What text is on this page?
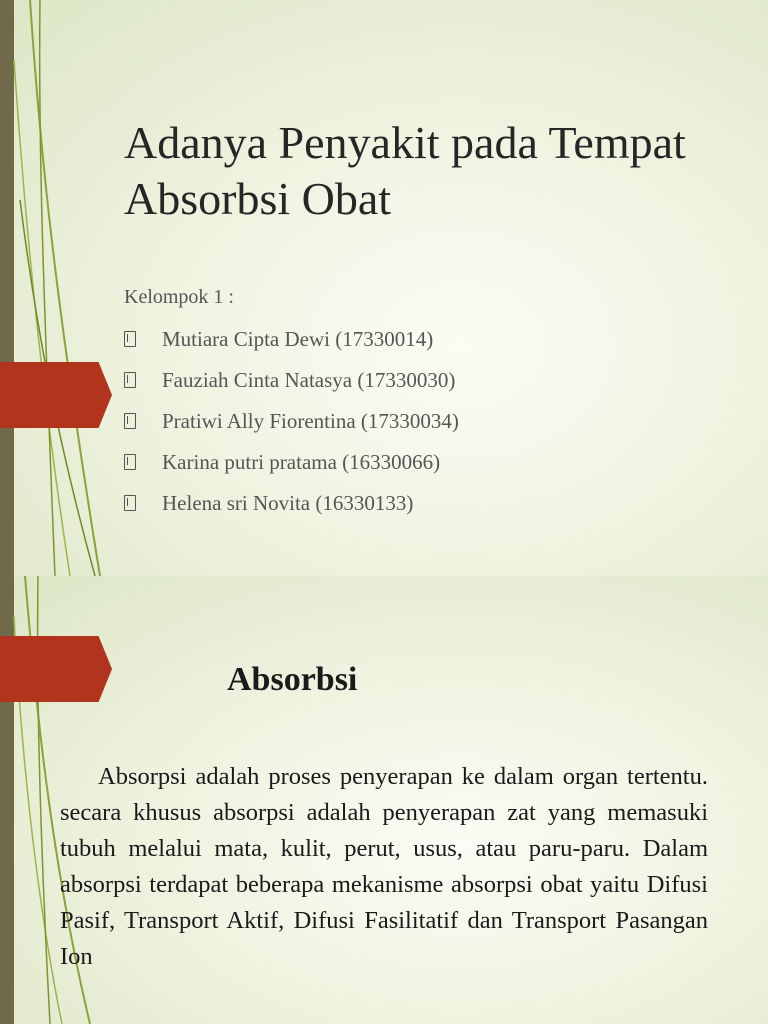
Adanya Penyakit pada Tempat Absorbsi Obat
Kelompok 1 :
Mutiara Cipta Dewi (17330014)
Fauziah Cinta Natasya (17330030)
Pratiwi Ally Fiorentina (17330034)
Karina putri pratama (16330066)
Helena sri Novita (16330133)
Absorbsi

Absorpsi adalah proses penyerapan ke dalam organ tertentu. secara khusus absorpsi adalah penyerapan zat yang memasuki tubuh melalui mata, kulit, perut, usus, atau paru-paru. Dalam absorpsi terdapat beberapa mekanisme absorpsi obat yaitu Difusi Pasif, Transport Aktif, Difusi Fasilitatif dan Transport Pasangan Ion
